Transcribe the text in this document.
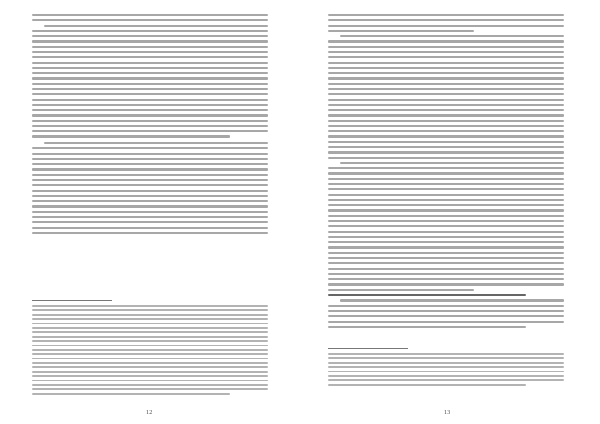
12	13
